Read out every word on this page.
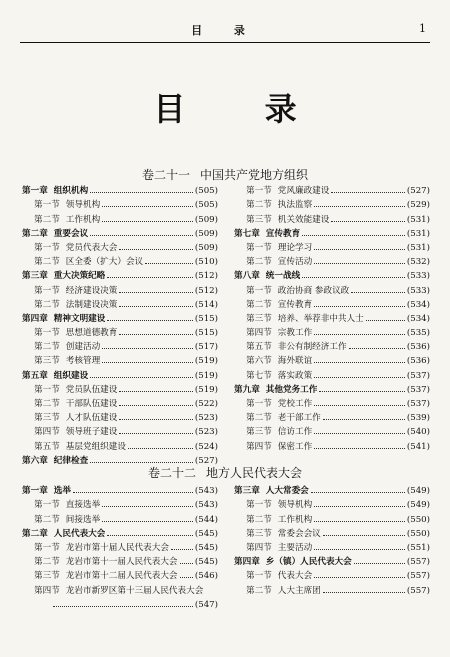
目 录	1
目 录
卷二十一 中国共产党地方组织
第一章 组织机构	(505)
第一节 领导机构	(505)
第二节 工作机构	(509)
第二章 重要会议	(509)
第一节 党员代表大会	(509)
第二节 区全委（扩大）会议	(510)
第三章 重大决策纪略	(512)
第一节 经济建设决策	(512)
第二节 法制建设决策	(514)
第四章 精神文明建设	(515)
第一节 思想道德教育	(515)
第二节 创建活动	(517)
第三节 考核管理	(519)
第五章 组织建设	(519)
第一节 党员队伍建设	(519)
第二节 干部队伍建设	(522)
第三节 人才队伍建设	(523)
第四节 领导班子建设	(523)
第五节 基层党组织建设	(524)
第六章 纪律检查	(527)
第一节 党风廉政建设	(527)
第二节 执法监察	(529)
第三节 机关效能建设	(531)
第七章 宣传教育	(531)
第一节 理论学习	(531)
第二节 宣传活动	(532)
第八章 统一战线	(533)
第一节 政治协商 参政议政	(533)
第二节 宣传教育	(534)
第三节 培养、举荐非中共人士	(534)
第四节 宗教工作	(535)
第五节 非公有制经济工作	(536)
第六节 海外联谊	(536)
第七节 落实政策	(537)
第九章 其他党务工作	(537)
第一节 党校工作	(537)
第二节 老干部工作	(539)
第三节 信访工作	(540)
第四节 保密工作	(541)
卷二十二 地方人民代表大会
第一章 选举	(543)
第一节 直接选举	(543)
第二节 间接选举	(544)
第二章 人民代表大会	(545)
第一节 龙岩市第十届人民代表大会	(545)
第二节 龙岩市第十一届人民代表大会 (545)
第三节 龙岩市第十二届人民代表大会 (546)
第四节 龙岩市新罗区第十三届人民代表大会
(547)
第三章 人大常委会	(549)
第一节 领导机构	(549)
第二节 工作机构	(550)
第三节 常委会会议	(550)
第四节 主要活动	(551)
第四章 乡（镇）人民代表大会	(557)
第一节 代表大会	(557)
第二节 人大主席团	(557)
